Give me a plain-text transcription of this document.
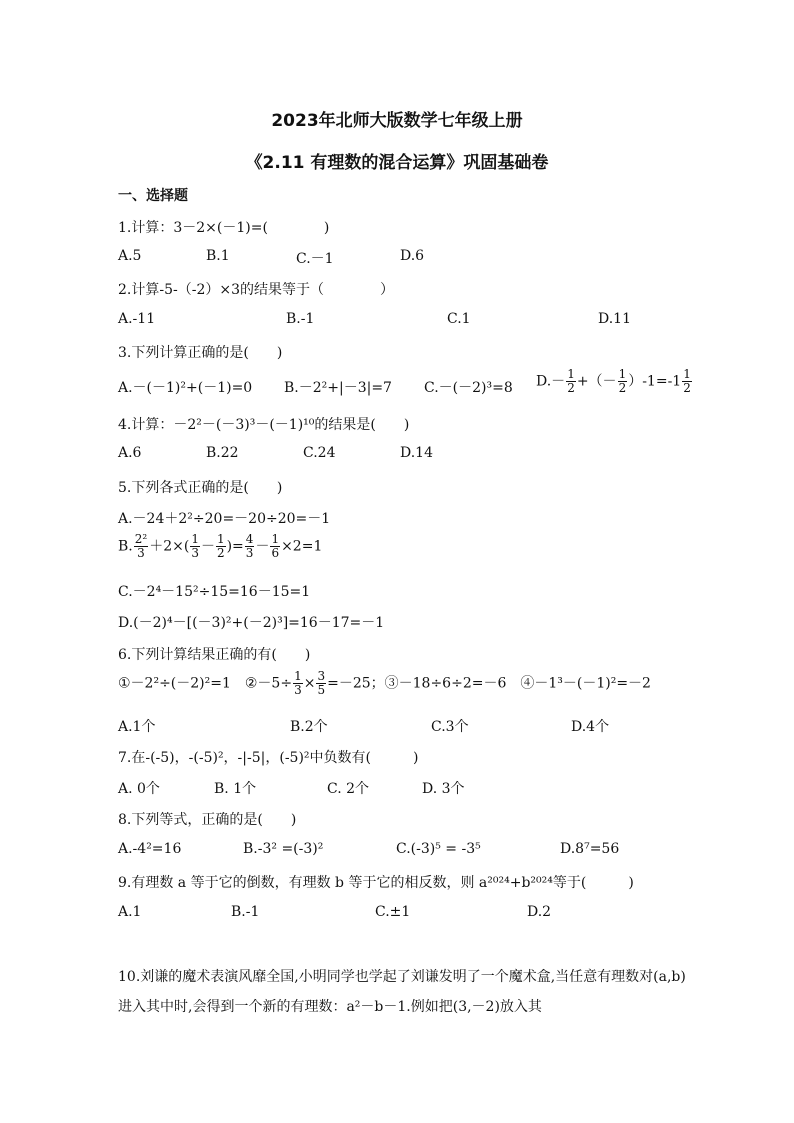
2023年北师大版数学七年级上册
《2.11 有理数的混合运算》巩固基础卷
一、选择题
1.计算：3－2×(－1)=(　　　　)
A.5	B.1	C.－1	D.6
2.计算-5-（-2）×3的结果等于（　　　　）
A.-11	B.-1	C.1	D.11
3.下列计算正确的是(　　)
A.－(－1)²+(－1)=0 B.－2²+|－3|=7 C.－(－2)³=8 $D.- \frac{1}{2}$ +（－ $\frac{1}{2} )-1=-1 \frac{1}{2}$
4.计算：－2²－(－3)³－(－1)¹⁰的结果是(　　)
A.6	B.22	C.24	D.14
5.下列各式正确的是(　　)
A.－24＋2²÷20=－20÷20=－1
B. $\frac{\text{2²}}{3} +2\times( \frac{1}{3} - \frac{1}{2}$ )= $\frac{4}{3} - \frac{1}{6} \times 2=1$
C.－2⁴－15²÷15=16－15=1
D.(－2)⁴－[(－3)²+(－2)³]=16－17=－1
6.下列计算结果正确的有(　　)
①－2²÷(－2)²=1　②－5÷ $\frac{1}{3} \times \frac{3}{5} =-25$；③－18÷6÷2=－6　④－1³－(－1)²=－2
A.1个	B.2个	C.3个	D.4个
7.在-(-5)，-(-5)²，-|-5|，(-5)²中负数有(　　　)
A. 0个	B. 1个	C. 2个	D. 3个
8.下列等式，正确的是(　　)
A.-4²=16	B.-3² =(-3)²	C.(-3)⁵ = -3⁵	D.8⁷=56
9.有理数 a 等于它的倒数，有理数 b 等于它的相反数，则 a²⁰²⁴+b²⁰²⁴等于(　　　)
A.1	B.-1	C.±1	D.2
10.刘谦的魔术表演风靡全国,小明同学也学起了刘谦发明了一个魔术盒,当任意有理数对(a,b)进入其中时,会得到一个新的有理数：a²－b－1.例如把(3,－2)放入其
